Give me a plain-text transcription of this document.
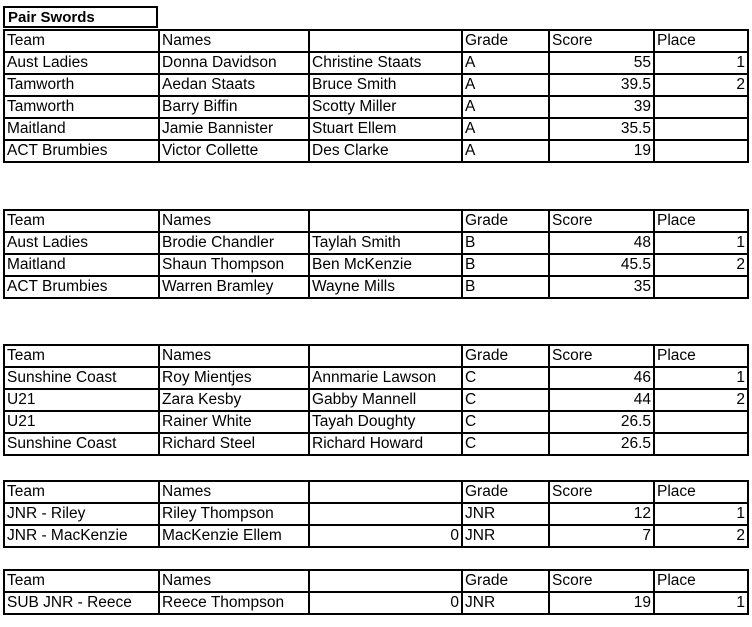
Pair Swords
Team	Names		Grade	Score	Place
Aust Ladies	Donna Davidson	Christine Staats	A	55	1
Tamworth	Aedan Staats	Bruce Smith	A	39.5	2
Tamworth	Barry Biffin	Scotty Miller	A	39	
Maitland	Jamie Bannister	Stuart Ellem	A	35.5	
ACT Brumbies	Victor Collette	Des Clarke	A	19	
Team	Names		Grade	Score	Place
Aust Ladies	Brodie Chandler	Taylah Smith	B	48	1
Maitland	Shaun Thompson	Ben McKenzie	B	45.5	2
ACT Brumbies	Warren Bramley	Wayne Mills	B	35	
Team	Names		Grade	Score	Place
Sunshine Coast	Roy Mientjes	Annmarie Lawson	C	46	1
U21	Zara Kesby	Gabby Mannell	C	44	2
U21	Rainer White	Tayah Doughty	C	26.5	
Sunshine Coast	Richard Steel	Richard Howard	C	26.5	
Team	Names		Grade	Score	Place
JNR - Riley	Riley Thompson		JNR	12	1
JNR - MacKenzie	MacKenzie Ellem	0	JNR	7	2
Team	Names		Grade	Score	Place
SUB JNR - Reece	Reece Thompson	0	JNR	19	1
